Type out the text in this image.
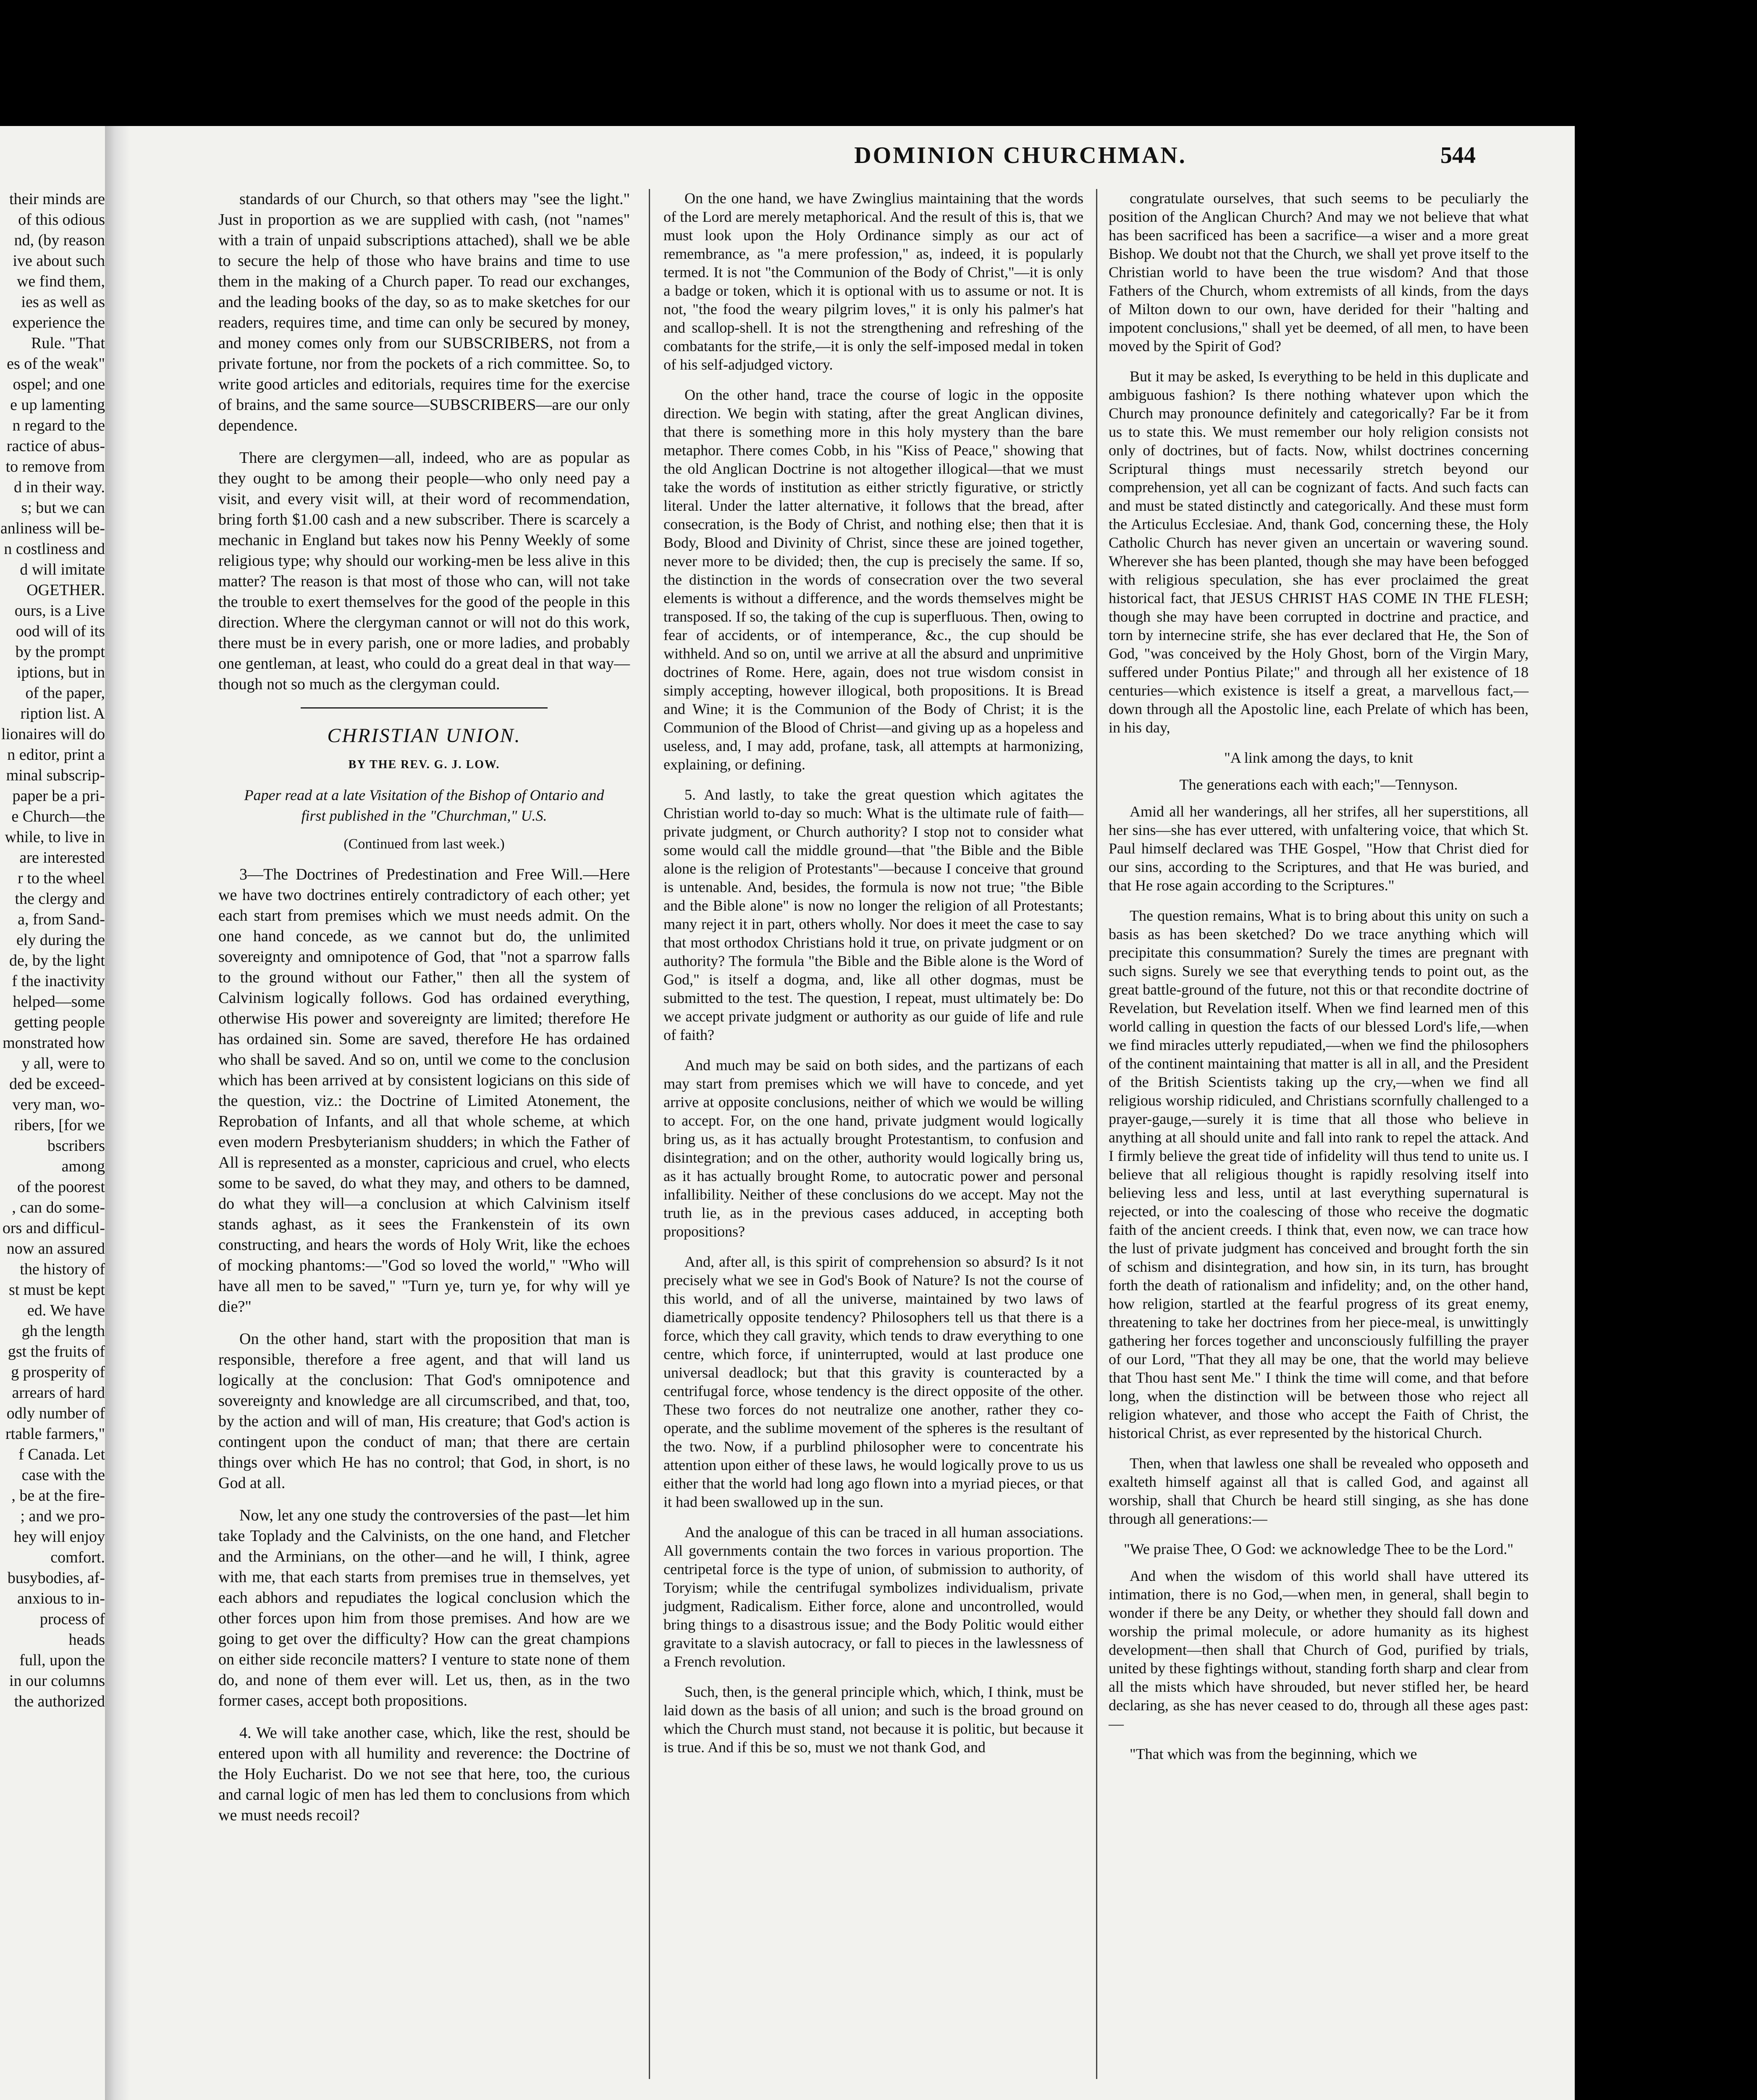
DOMINION CHURCHMAN.	544

their minds are

of this odious

nd, (by reason

ive about such

we find them,

ies as well as

experience the

Rule. "That

es of the weak"

ospel; and one

e up lamenting

n regard to the

ractice of abus-

to remove from

d in their way.

s; but we can

anliness will be-

n costliness and

d will imitate

OGETHER.

ours, is a Live

ood will of its

by the prompt

iptions, but in

of the paper,

ription list. A

lionaires will do

n editor, print a

minal subscrip-

paper be a pri-

e Church—the

while, to live in

are interested

r to the wheel

the clergy and

a, from Sand-

ely during the

de, by the light

f the inactivity

helped—some

getting people

monstrated how

y all, were to

ded be exceed-

very man, wo-

ribers, [for we

bscribers among

of the poorest

, can do some-

ors and difficul-

now an assured

the history of

st must be kept

ed. We have

gh the length

gst the fruits of

g prosperity of

arrears of hard

odly number of

rtable farmers,"

f Canada. Let

case with the

, be at the fire-

; and we pro-

hey will enjoy

comfort.

busybodies, af-

anxious to in-

process of heads

full, upon the

in our columns

the authorized

standards of our Church, so that others may "see the light." Just in proportion as we are supplied with cash, (not "names" with a train of unpaid subscriptions attached), shall we be able to secure the help of those who have brains and time to use them in the making of a Church paper. To read our exchanges, and the leading books of the day, so as to make sketches for our readers, requires time, and time can only be secured by money, and money comes only from our SUBSCRIBERS, not from a private fortune, nor from the pockets of a rich committee. So, to write good articles and editorials, requires time for the exercise of brains, and the same source—SUBSCRIBERS—are our only dependence.

There are clergymen—all, indeed, who are as popular as they ought to be among their people—who only need pay a visit, and every visit will, at their word of recommendation, bring forth $1.00 cash and a new subscriber. There is scarcely a mechanic in England but takes now his Penny Weekly of some religious type; why should our working-men be less alive in this matter? The reason is that most of those who can, will not take the trouble to exert themselves for the good of the people in this direction. Where the clergyman cannot or will not do this work, there must be in every parish, one or more ladies, and probably one gentleman, at least, who could do a great deal in that way—though not so much as the clergyman could.

CHRISTIAN UNION.
BY THE REV. G. J. LOW.
Paper read at a late Visitation of the Bishop of Ontario and first published in the "Churchman," U.S.
(Continued from last week.)

3—The Doctrines of Predestination and Free Will.—Here we have two doctrines entirely contradictory of each other; yet each start from premises which we must needs admit. On the one hand concede, as we cannot but do, the unlimited sovereignty and omnipotence of God, that "not a sparrow falls to the ground without our Father," then all the system of Calvinism logically follows. God has ordained everything, otherwise His power and sovereignty are limited; therefore He has ordained sin. Some are saved, therefore He has ordained who shall be saved. And so on, until we come to the conclusion which has been arrived at by consistent logicians on this side of the question, viz.: the Doctrine of Limited Atonement, the Reprobation of Infants, and all that whole scheme, at which even modern Presbyterianism shudders; in which the Father of All is represented as a monster, capricious and cruel, who elects some to be saved, do what they may, and others to be damned, do what they will—a conclusion at which Calvinism itself stands aghast, as it sees the Frankenstein of its own constructing, and hears the words of Holy Writ, like the echoes of mocking phantoms:—"God so loved the world," "Who will have all men to be saved," "Turn ye, turn ye, for why will ye die?"

On the other hand, start with the proposition that man is responsible, therefore a free agent, and that will land us logically at the conclusion: That God's omnipotence and sovereignty and knowledge are all circumscribed, and that, too, by the action and will of man, His creature; that God's action is contingent upon the conduct of man; that there are certain things over which He has no control; that God, in short, is no God at all.

Now, let any one study the controversies of the past—let him take Toplady and the Calvinists, on the one hand, and Fletcher and the Arminians, on the other—and he will, I think, agree with me, that each starts from premises true in themselves, yet each abhors and repudiates the logical conclusion which the other forces upon him from those premises. And how are we going to get over the difficulty? How can the great champions on either side reconcile matters? I venture to state none of them do, and none of them ever will. Let us, then, as in the two former cases, accept both propositions.

4. We will take another case, which, like the rest, should be entered upon with all humility and reverence: the Doctrine of the Holy Eucharist. Do we not see that here, too, the curious and carnal logic of men has led them to conclusions from which we must needs recoil?

On the one hand, we have Zwinglius maintaining that the words of the Lord are merely metaphorical. And the result of this is, that we must look upon the Holy Ordinance simply as our act of remembrance, as "a mere profession," as, indeed, it is popularly termed. It is not "the Communion of the Body of Christ,"—it is only a badge or token, which it is optional with us to assume or not. It is not, "the food the weary pilgrim loves," it is only his palmer's hat and scallop-shell. It is not the strengthening and refreshing of the combatants for the strife,—it is only the self-imposed medal in token of his self-adjudged victory.

On the other hand, trace the course of logic in the opposite direction. We begin with stating, after the great Anglican divines, that there is something more in this holy mystery than the bare metaphor. There comes Cobb, in his "Kiss of Peace," showing that the old Anglican Doctrine is not altogether illogical—that we must take the words of institution as either strictly figurative, or strictly literal. Under the latter alternative, it follows that the bread, after consecration, is the Body of Christ, and nothing else; then that it is Body, Blood and Divinity of Christ, since these are joined together, never more to be divided; then, the cup is precisely the same. If so, the distinction in the words of consecration over the two several elements is without a difference, and the words themselves might be transposed. If so, the taking of the cup is superfluous. Then, owing to fear of accidents, or of intemperance, &c., the cup should be withheld. And so on, until we arrive at all the absurd and unprimitive doctrines of Rome. Here, again, does not true wisdom consist in simply accepting, however illogical, both propositions. It is Bread and Wine; it is the Communion of the Body of Christ; it is the Communion of the Blood of Christ—and giving up as a hopeless and useless, and, I may add, profane, task, all attempts at harmonizing, explaining, or defining.

5. And lastly, to take the great question which agitates the Christian world to-day so much: What is the ultimate rule of faith—private judgment, or Church authority? I stop not to consider what some would call the middle ground—that "the Bible and the Bible alone is the religion of Protestants"—because I conceive that ground is untenable. And, besides, the formula is now not true; "the Bible and the Bible alone" is now no longer the religion of all Protestants; many reject it in part, others wholly. Nor does it meet the case to say that most orthodox Christians hold it true, on private judgment or on authority? The formula "the Bible and the Bible alone is the Word of God," is itself a dogma, and, like all other dogmas, must be submitted to the test. The question, I repeat, must ultimately be: Do we accept private judgment or authority as our guide of life and rule of faith?

And much may be said on both sides, and the partizans of each may start from premises which we will have to concede, and yet arrive at opposite conclusions, neither of which we would be willing to accept. For, on the one hand, private judgment would logically bring us, as it has actually brought Protestantism, to confusion and disintegration; and on the other, authority would logically bring us, as it has actually brought Rome, to autocratic power and personal infallibility. Neither of these conclusions do we accept. May not the truth lie, as in the previous cases adduced, in accepting both propositions?

And, after all, is this spirit of comprehension so absurd? Is it not precisely what we see in God's Book of Nature? Is not the course of this world, and of all the universe, maintained by two laws of diametrically opposite tendency? Philosophers tell us that there is a force, which they call gravity, which tends to draw everything to one centre, which force, if uninterrupted, would at last produce one universal deadlock; but that this gravity is counteracted by a centrifugal force, whose tendency is the direct opposite of the other. These two forces do not neutralize one another, rather they co-operate, and the sublime movement of the spheres is the resultant of the two. Now, if a purblind philosopher were to concentrate his attention upon either of these laws, he would logically prove to us us either that the world had long ago flown into a myriad pieces, or that it had been swallowed up in the sun.

And the analogue of this can be traced in all human associations. All governments contain the two forces in various proportion. The centripetal force is the type of union, of submission to authority, of Toryism; while the centrifugal symbolizes individualism, private judgment, Radicalism. Either force, alone and uncontrolled, would bring things to a disastrous issue; and the Body Politic would either gravitate to a slavish autocracy, or fall to pieces in the lawlessness of a French revolution.

Such, then, is the general principle which, which, I think, must be laid down as the basis of all union; and such is the broad ground on which the Church must stand, not because it is politic, but because it is true. And if this be so, must we not thank God, and

congratulate ourselves, that such seems to be peculiarly the position of the Anglican Church? And may we not believe that what has been sacrificed has been a sacrifice—a wiser and a more great Bishop. We doubt not that the Church, we shall yet prove itself to the Christian world to have been the true wisdom? And that those Fathers of the Church, whom extremists of all kinds, from the days of Milton down to our own, have derided for their "halting and impotent conclusions," shall yet be deemed, of all men, to have been moved by the Spirit of God?

But it may be asked, Is everything to be held in this duplicate and ambiguous fashion? Is there nothing whatever upon which the Church may pronounce definitely and categorically? Far be it from us to state this. We must remember our holy religion consists not only of doctrines, but of facts. Now, whilst doctrines concerning Scriptural things must necessarily stretch beyond our comprehension, yet all can be cognizant of facts. And such facts can and must be stated distinctly and categorically. And these must form the Articulus Ecclesiae. And, thank God, concerning these, the Holy Catholic Church has never given an uncertain or wavering sound. Wherever she has been planted, though she may have been befogged with religious speculation, she has ever proclaimed the great historical fact, that JESUS CHRIST HAS COME IN THE FLESH; though she may have been corrupted in doctrine and practice, and torn by internecine strife, she has ever declared that He, the Son of God, "was conceived by the Holy Ghost, born of the Virgin Mary, suffered under Pontius Pilate;" and through all her existence of 18 centuries—which existence is itself a great, a marvellous fact,—down through all the Apostolic line, each Prelate of which has been, in his day,

"A link among the days, to knit
The generations each with each;"—Tennyson.

Amid all her wanderings, all her strifes, all her superstitions, all her sins—she has ever uttered, with unfaltering voice, that which St. Paul himself declared was THE Gospel, "How that Christ died for our sins, according to the Scriptures, and that He was buried, and that He rose again according to the Scriptures."

The question remains, What is to bring about this unity on such a basis as has been sketched? Do we trace anything which will precipitate this consummation? Surely the times are pregnant with such signs. Surely we see that everything tends to point out, as the great battle-ground of the future, not this or that recondite doctrine of Revelation, but Revelation itself. When we find learned men of this world calling in question the facts of our blessed Lord's life,—when we find miracles utterly repudiated,—when we find the philosophers of the continent maintaining that matter is all in all, and the President of the British Scientists taking up the cry,—when we find all religious worship ridiculed, and Christians scornfully challenged to a prayer-gauge,—surely it is time that all those who believe in anything at all should unite and fall into rank to repel the attack. And I firmly believe the great tide of infidelity will thus tend to unite us. I believe that all religious thought is rapidly resolving itself into believing less and less, until at last everything supernatural is rejected, or into the coalescing of those who receive the dogmatic faith of the ancient creeds. I think that, even now, we can trace how the lust of private judgment has conceived and brought forth the sin of schism and disintegration, and how sin, in its turn, has brought forth the death of rationalism and infidelity; and, on the other hand, how religion, startled at the fearful progress of its great enemy, threatening to take her doctrines from her piece-meal, is unwittingly gathering her forces together and unconsciously fulfilling the prayer of our Lord, "That they all may be one, that the world may believe that Thou hast sent Me." I think the time will come, and that before long, when the distinction will be between those who reject all religion whatever, and those who accept the Faith of Christ, the historical Christ, as ever represented by the historical Church.

Then, when that lawless one shall be revealed who opposeth and exalteth himself against all that is called God, and against all worship, shall that Church be heard still singing, as she has done through all generations:—

"We praise Thee, O God: we acknowledge Thee to be the Lord."

And when the wisdom of this world shall have uttered its intimation, there is no God,—when men, in general, shall begin to wonder if there be any Deity, or whether they should fall down and worship the primal molecule, or adore humanity as its highest development—then shall that Church of God, purified by trials, united by these fightings without, standing forth sharp and clear from all the mists which have shrouded, but never stifled her, be heard declaring, as she has never ceased to do, through all these ages past:—

"That which was from the beginning, which we
